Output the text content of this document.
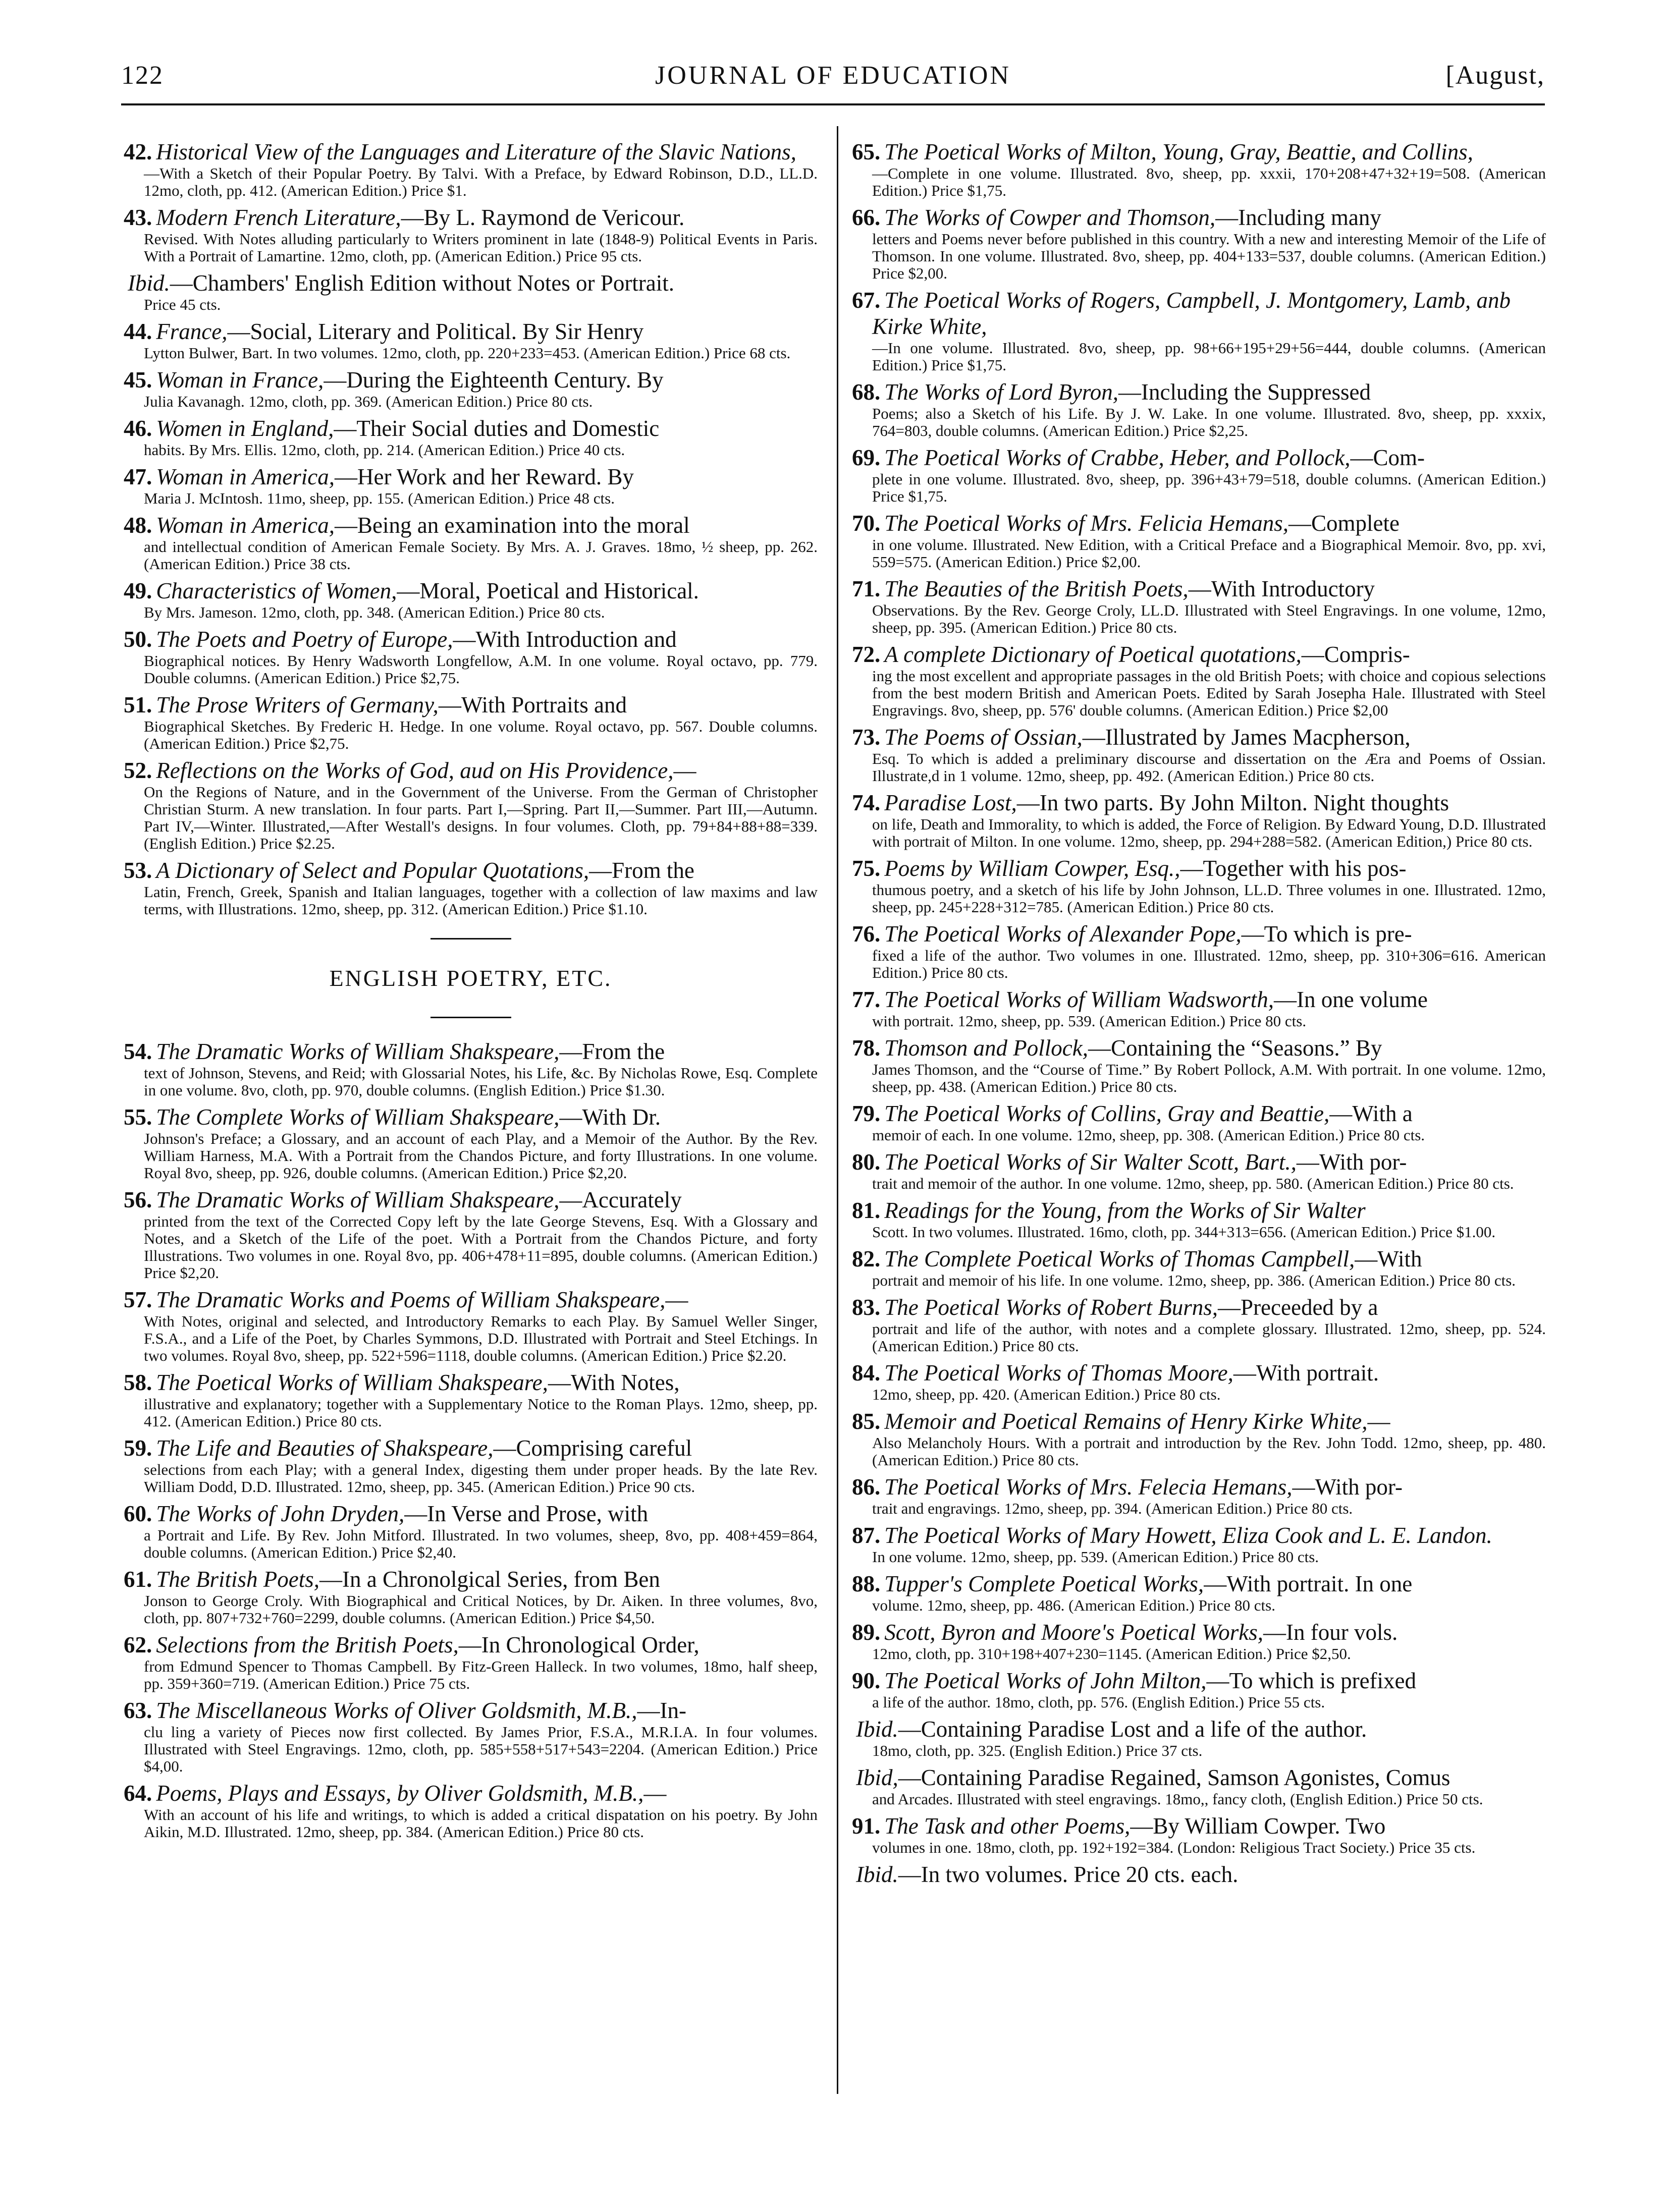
122	JOURNAL OF EDUCATION	[August,
42. Historical View of the Languages and Literature of the Slavic Nations,
—With a Sketch of their Popular Poetry. By Talvi. With a Preface, by Edward Robinson, D.D., LL.D. 12mo, cloth, pp. 412. (American Edition.) Price $1.
43. Modern French Literature,—By L. Raymond de Vericour.
Revised. With Notes alluding particularly to Writers prominent in late (1848-9) Political Events in Paris. With a Portrait of Lamartine. 12mo, cloth, pp. (American Edition.) Price 95 cts.
Ibid.—Chambers' English Edition without Notes or Portrait.
Price 45 cts.
44. France,—Social, Literary and Political. By Sir Henry
Lytton Bulwer, Bart. In two volumes. 12mo, cloth, pp. 220+233=453. (American Edition.) Price 68 cts.
45. Woman in France,—During the Eighteenth Century. By
Julia Kavanagh. 12mo, cloth, pp. 369. (American Edition.) Price 80 cts.
46. Women in England,—Their Social duties and Domestic
habits. By Mrs. Ellis. 12mo, cloth, pp. 214. (American Edition.) Price 40 cts.
47. Woman in America,—Her Work and her Reward. By
Maria J. McIntosh. 11mo, sheep, pp. 155. (American Edition.) Price 48 cts.
48. Woman in America,—Being an examination into the moral
and intellectual condition of American Female Society. By Mrs. A. J. Graves. 18mo, ½ sheep, pp. 262. (American Edition.) Price 38 cts.
49. Characteristics of Women,—Moral, Poetical and Historical.
By Mrs. Jameson. 12mo, cloth, pp. 348. (American Edition.) Price 80 cts.
50. The Poets and Poetry of Europe,—With Introduction and
Biographical notices. By Henry Wadsworth Longfellow, A.M. In one volume. Royal octavo, pp. 779. Double columns. (American Edition.) Price $2,75.
51. The Prose Writers of Germany,—With Portraits and
Biographical Sketches. By Frederic H. Hedge. In one volume. Royal octavo, pp. 567. Double columns. (American Edition.) Price $2,75.
52. Reflections on the Works of God, aud on His Providence,—
On the Regions of Nature, and in the Government of the Universe. From the German of Christopher Christian Sturm. A new translation. In four parts. Part I,—Spring. Part II,—Summer. Part III,—Autumn. Part IV,—Winter. Illustrated,—After Westall's designs. In four volumes. Cloth, pp. 79+84+88+88=339. (English Edition.) Price $2.25.
53. A Dictionary of Select and Popular Quotations,—From the
Latin, French, Greek, Spanish and Italian languages, together with a collection of law maxims and law terms, with Illustrations. 12mo, sheep, pp. 312. (American Edition.) Price $1.10.
ENGLISH POETRY, ETC.
54. The Dramatic Works of William Shakspeare,—From the
text of Johnson, Stevens, and Reid; with Glossarial Notes, his Life, &c. By Nicholas Rowe, Esq. Complete in one volume. 8vo, cloth, pp. 970, double columns. (English Edition.) Price $1.30.
55. The Complete Works of William Shakspeare,—With Dr.
Johnson's Preface; a Glossary, and an account of each Play, and a Memoir of the Author. By the Rev. William Harness, M.A. With a Portrait from the Chandos Picture, and forty Illustrations. In one volume. Royal 8vo, sheep, pp. 926, double columns. (American Edition.) Price $2,20.
56. The Dramatic Works of William Shakspeare,—Accurately
printed from the text of the Corrected Copy left by the late George Stevens, Esq. With a Glossary and Notes, and a Sketch of the Life of the poet. With a Portrait from the Chandos Picture, and forty Illustrations. Two volumes in one. Royal 8vo, pp. 406+478+11=895, double columns. (American Edition.) Price $2,20.
57. The Dramatic Works and Poems of William Shakspeare,—
With Notes, original and selected, and Introductory Remarks to each Play. By Samuel Weller Singer, F.S.A., and a Life of the Poet, by Charles Symmons, D.D. Illustrated with Portrait and Steel Etchings. In two volumes. Royal 8vo, sheep, pp. 522+596=1118, double columns. (American Edition.) Price $2.20.
58. The Poetical Works of William Shakspeare,—With Notes,
illustrative and explanatory; together with a Supplementary Notice to the Roman Plays. 12mo, sheep, pp. 412. (American Edition.) Price 80 cts.
59. The Life and Beauties of Shakspeare,—Comprising careful
selections from each Play; with a general Index, digesting them under proper heads. By the late Rev. William Dodd, D.D. Illustrated. 12mo, sheep, pp. 345. (American Edition.) Price 90 cts.
60. The Works of John Dryden,—In Verse and Prose, with
a Portrait and Life. By Rev. John Mitford. Illustrated. In two volumes, sheep, 8vo, pp. 408+459=864, double columns. (American Edition.) Price $2,40.
61. The British Poets,—In a Chronolgical Series, from Ben
Jonson to George Croly. With Biographical and Critical Notices, by Dr. Aiken. In three volumes, 8vo, cloth, pp. 807+732+760=2299, double columns. (American Edition.) Price $4,50.
62. Selections from the British Poets,—In Chronological Order,
from Edmund Spencer to Thomas Campbell. By Fitz-Green Halleck. In two volumes, 18mo, half sheep, pp. 359+360=719. (American Edition.) Price 75 cts.
63. The Miscellaneous Works of Oliver Goldsmith, M.B.,—In-
clu ling a variety of Pieces now first collected. By James Prior, F.S.A., M.R.I.A. In four volumes. Illustrated with Steel Engravings. 12mo, cloth, pp. 585+558+517+543=2204. (American Edition.) Price $4,00.
64. Poems, Plays and Essays, by Oliver Goldsmith, M.B.,—
With an account of his life and writings, to which is added a critical dispatation on his poetry. By John Aikin, M.D. Illustrated. 12mo, sheep, pp. 384. (American Edition.) Price 80 cts.
65. The Poetical Works of Milton, Young, Gray, Beattie, and Collins,
—Complete in one volume. Illustrated. 8vo, sheep, pp. xxxii, 170+208+47+32+19=508. (American Edition.) Price $1,75.
66. The Works of Cowper and Thomson,—Including many
letters and Poems never before published in this country. With a new and interesting Memoir of the Life of Thomson. In one volume. Illustrated. 8vo, sheep, pp. 404+133=537, double columns. (American Edition.) Price $2,00.
67. The Poetical Works of Rogers, Campbell, J. Montgomery, Lamb, anb Kirke White,
—In one volume. Illustrated. 8vo, sheep, pp. 98+66+195+29+56=444, double columns. (American Edition.) Price $1,75.
68. The Works of Lord Byron,—Including the Suppressed
Poems; also a Sketch of his Life. By J. W. Lake. In one volume. Illustrated. 8vo, sheep, pp. xxxix, 764=803, double columns. (American Edition.) Price $2,25.
69. The Poetical Works of Crabbe, Heber, and Pollock,—Com-
plete in one volume. Illustrated. 8vo, sheep, pp. 396+43+79=518, double columns. (American Edition.) Price $1,75.
70. The Poetical Works of Mrs. Felicia Hemans,—Complete
in one volume. Illustrated. New Edition, with a Critical Preface and a Biographical Memoir. 8vo, pp. xvi, 559=575. (American Edition.) Price $2,00.
71. The Beauties of the British Poets,—With Introductory
Observations. By the Rev. George Croly, LL.D. Illustrated with Steel Engravings. In one volume, 12mo, sheep, pp. 395. (American Edition.) Price 80 cts.
72. A complete Dictionary of Poetical quotations,—Compris-
ing the most excellent and appropriate passages in the old British Poets; with choice and copious selections from the best modern British and American Poets. Edited by Sarah Josepha Hale. Illustrated with Steel Engravings. 8vo, sheep, pp. 576' double columns. (American Edition.) Price $2,00
73. The Poems of Ossian,—Illustrated by James Macpherson,
Esq. To which is added a preliminary discourse and dissertation on the Æra and Poems of Ossian. Illustrate,d in 1 volume. 12mo, sheep, pp. 492. (American Edition.) Price 80 cts.
74. Paradise Lost,—In two parts. By John Milton. Night thoughts
on life, Death and Immorality, to which is added, the Force of Religion. By Edward Young, D.D. Illustrated with portrait of Milton. In one volume. 12mo, sheep, pp. 294+288=582. (American Edition,) Price 80 cts.
75. Poems by William Cowper, Esq.,—Together with his pos-
thumous poetry, and a sketch of his life by John Johnson, LL.D. Three volumes in one. Illustrated. 12mo, sheep, pp. 245+228+312=785. (American Edition.) Price 80 cts.
76. The Poetical Works of Alexander Pope,—To which is pre-
fixed a life of the author. Two volumes in one. Illustrated. 12mo, sheep, pp. 310+306=616. American Edition.) Price 80 cts.
77. The Poetical Works of William Wadsworth,—In one volume
with portrait. 12mo, sheep, pp. 539. (American Edition.) Price 80 cts.
78. Thomson and Pollock,—Containing the “Seasons.” By
James Thomson, and the “Course of Time.” By Robert Pollock, A.M. With portrait. In one volume. 12mo, sheep, pp. 438. (American Edition.) Price 80 cts.
79. The Poetical Works of Collins, Gray and Beattie,—With a
memoir of each. In one volume. 12mo, sheep, pp. 308. (American Edition.) Price 80 cts.
80. The Poetical Works of Sir Walter Scott, Bart.,—With por-
trait and memoir of the author. In one volume. 12mo, sheep, pp. 580. (American Edition.) Price 80 cts.
81. Readings for the Young, from the Works of Sir Walter
Scott. In two volumes. Illustrated. 16mo, cloth, pp. 344+313=656. (American Edition.) Price $1.00.
82. The Complete Poetical Works of Thomas Campbell,—With
portrait and memoir of his life. In one volume. 12mo, sheep, pp. 386. (American Edition.) Price 80 cts.
83. The Poetical Works of Robert Burns,—Preceeded by a
portrait and life of the author, with notes and a complete glossary. Illustrated. 12mo, sheep, pp. 524. (American Edition.) Price 80 cts.
84. The Poetical Works of Thomas Moore,—With portrait.
12mo, sheep, pp. 420. (American Edition.) Price 80 cts.
85. Memoir and Poetical Remains of Henry Kirke White,—
Also Melancholy Hours. With a portrait and introduction by the Rev. John Todd. 12mo, sheep, pp. 480. (American Edition.) Price 80 cts.
86. The Poetical Works of Mrs. Felecia Hemans,—With por-
trait and engravings. 12mo, sheep, pp. 394. (American Edition.) Price 80 cts.
87. The Poetical Works of Mary Howett, Eliza Cook and L. E. Landon.
In one volume. 12mo, sheep, pp. 539. (American Edition.) Price 80 cts.
88. Tupper's Complete Poetical Works,—With portrait. In one
volume. 12mo, sheep, pp. 486. (American Edition.) Price 80 cts.
89. Scott, Byron and Moore's Poetical Works,—In four vols.
12mo, cloth, pp. 310+198+407+230=1145. (American Edition.) Price $2,50.
90. The Poetical Works of John Milton,—To which is prefixed
a life of the author. 18mo, cloth, pp. 576. (English Edition.) Price 55 cts.
Ibid.—Containing Paradise Lost and a life of the author.
18mo, cloth, pp. 325. (English Edition.) Price 37 cts.
Ibid,—Containing Paradise Regained, Samson Agonistes, Comus
and Arcades. Illustrated with steel engravings. 18mo,, fancy cloth, (English Edition.) Price 50 cts.
91. The Task and other Poems,—By William Cowper. Two
volumes in one. 18mo, cloth, pp. 192+192=384. (London: Religious Tract Society.) Price 35 cts.
Ibid.—In two volumes. Price 20 cts. each.
